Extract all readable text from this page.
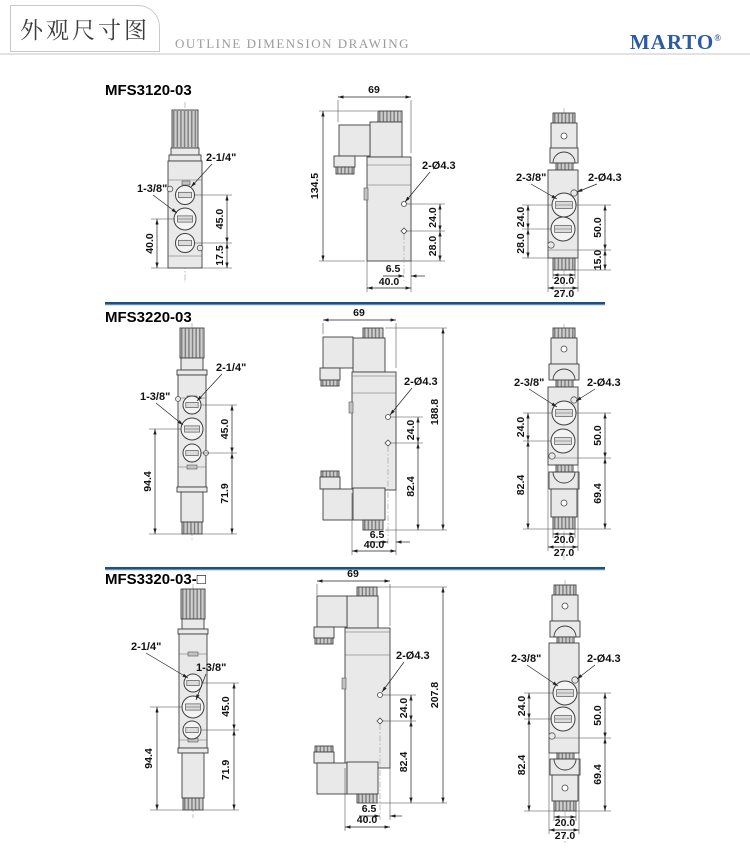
外观尺寸图
OUTLINE DIMENSION DRAWING	MARTO®
MFS3120-03
2-1/4"
1-3/8"
45.0
17.5
40.0
69
134.5
2-Ø4.3
24.0
28.0
6.5
40.0
2-3/8"	2-Ø4.3
24.0
28.0
50.0
15.0
20.0
27.0
MFS3220-03
2-1/4"
1-3/8"
45.0
71.9
94.4
69
188.8
2-Ø4.3
24.0
82.4
6.5
40.0
2-3/8"	2-Ø4.3
24.0
82.4
50.0
69.4
20.0
27.0
MFS3320-03-□
2-1/4"
1-3/8"
45.0
71.9
94.4
69
207.8
2-Ø4.3
24.0
82.4
6.5
40.0
2-3/8"	2-Ø4.3
24.0
82.4
50.0
69.4
20.0
27.0
